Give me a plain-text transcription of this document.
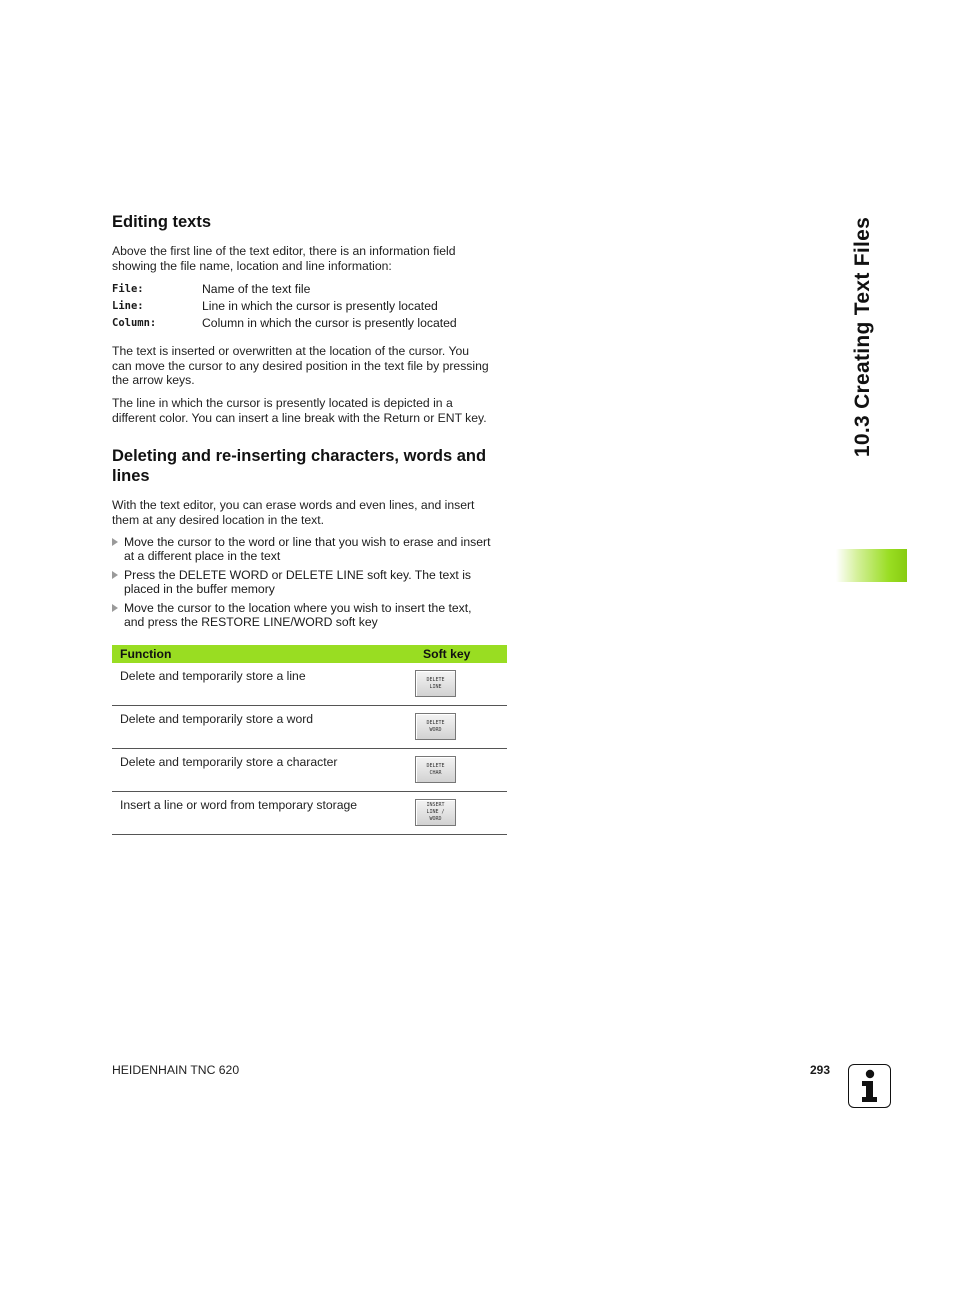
10.3 Creating Text Files
Editing texts
Above the first line of the text editor, there is an information field
showing the file name, location and line information:
File:	Name of the text file
Line:	Line in which the cursor is presently located
Column:	Column in which the cursor is presently located
The text is inserted or overwritten at the location of the cursor. You
can move the cursor to any desired position in the text file by pressing
the arrow keys.
The line in which the cursor is presently located is depicted in a
different color. You can insert a line break with the Return or ENT key.
Deleting and re-inserting characters, words and
lines
With the text editor, you can erase words and even lines, and insert
them at any desired location in the text.
Move the cursor to the word or line that you wish to erase and insert
at a different place in the text
Press the DELETE WORD or DELETE LINE soft key. The text is
placed in the buffer memory
Move the cursor to the location where you wish to insert the text,
and press the RESTORE LINE/WORD soft key
Function	Soft key
Delete and temporarily store a line	DELETE
LINE

Delete and temporarily store a word	DELETE
WORD

Delete and temporarily store a character	DELETE
CHAR

Insert a line or word from temporary storage	INSERT
LINE /
WORD
HEIDENHAIN TNC 620	293
